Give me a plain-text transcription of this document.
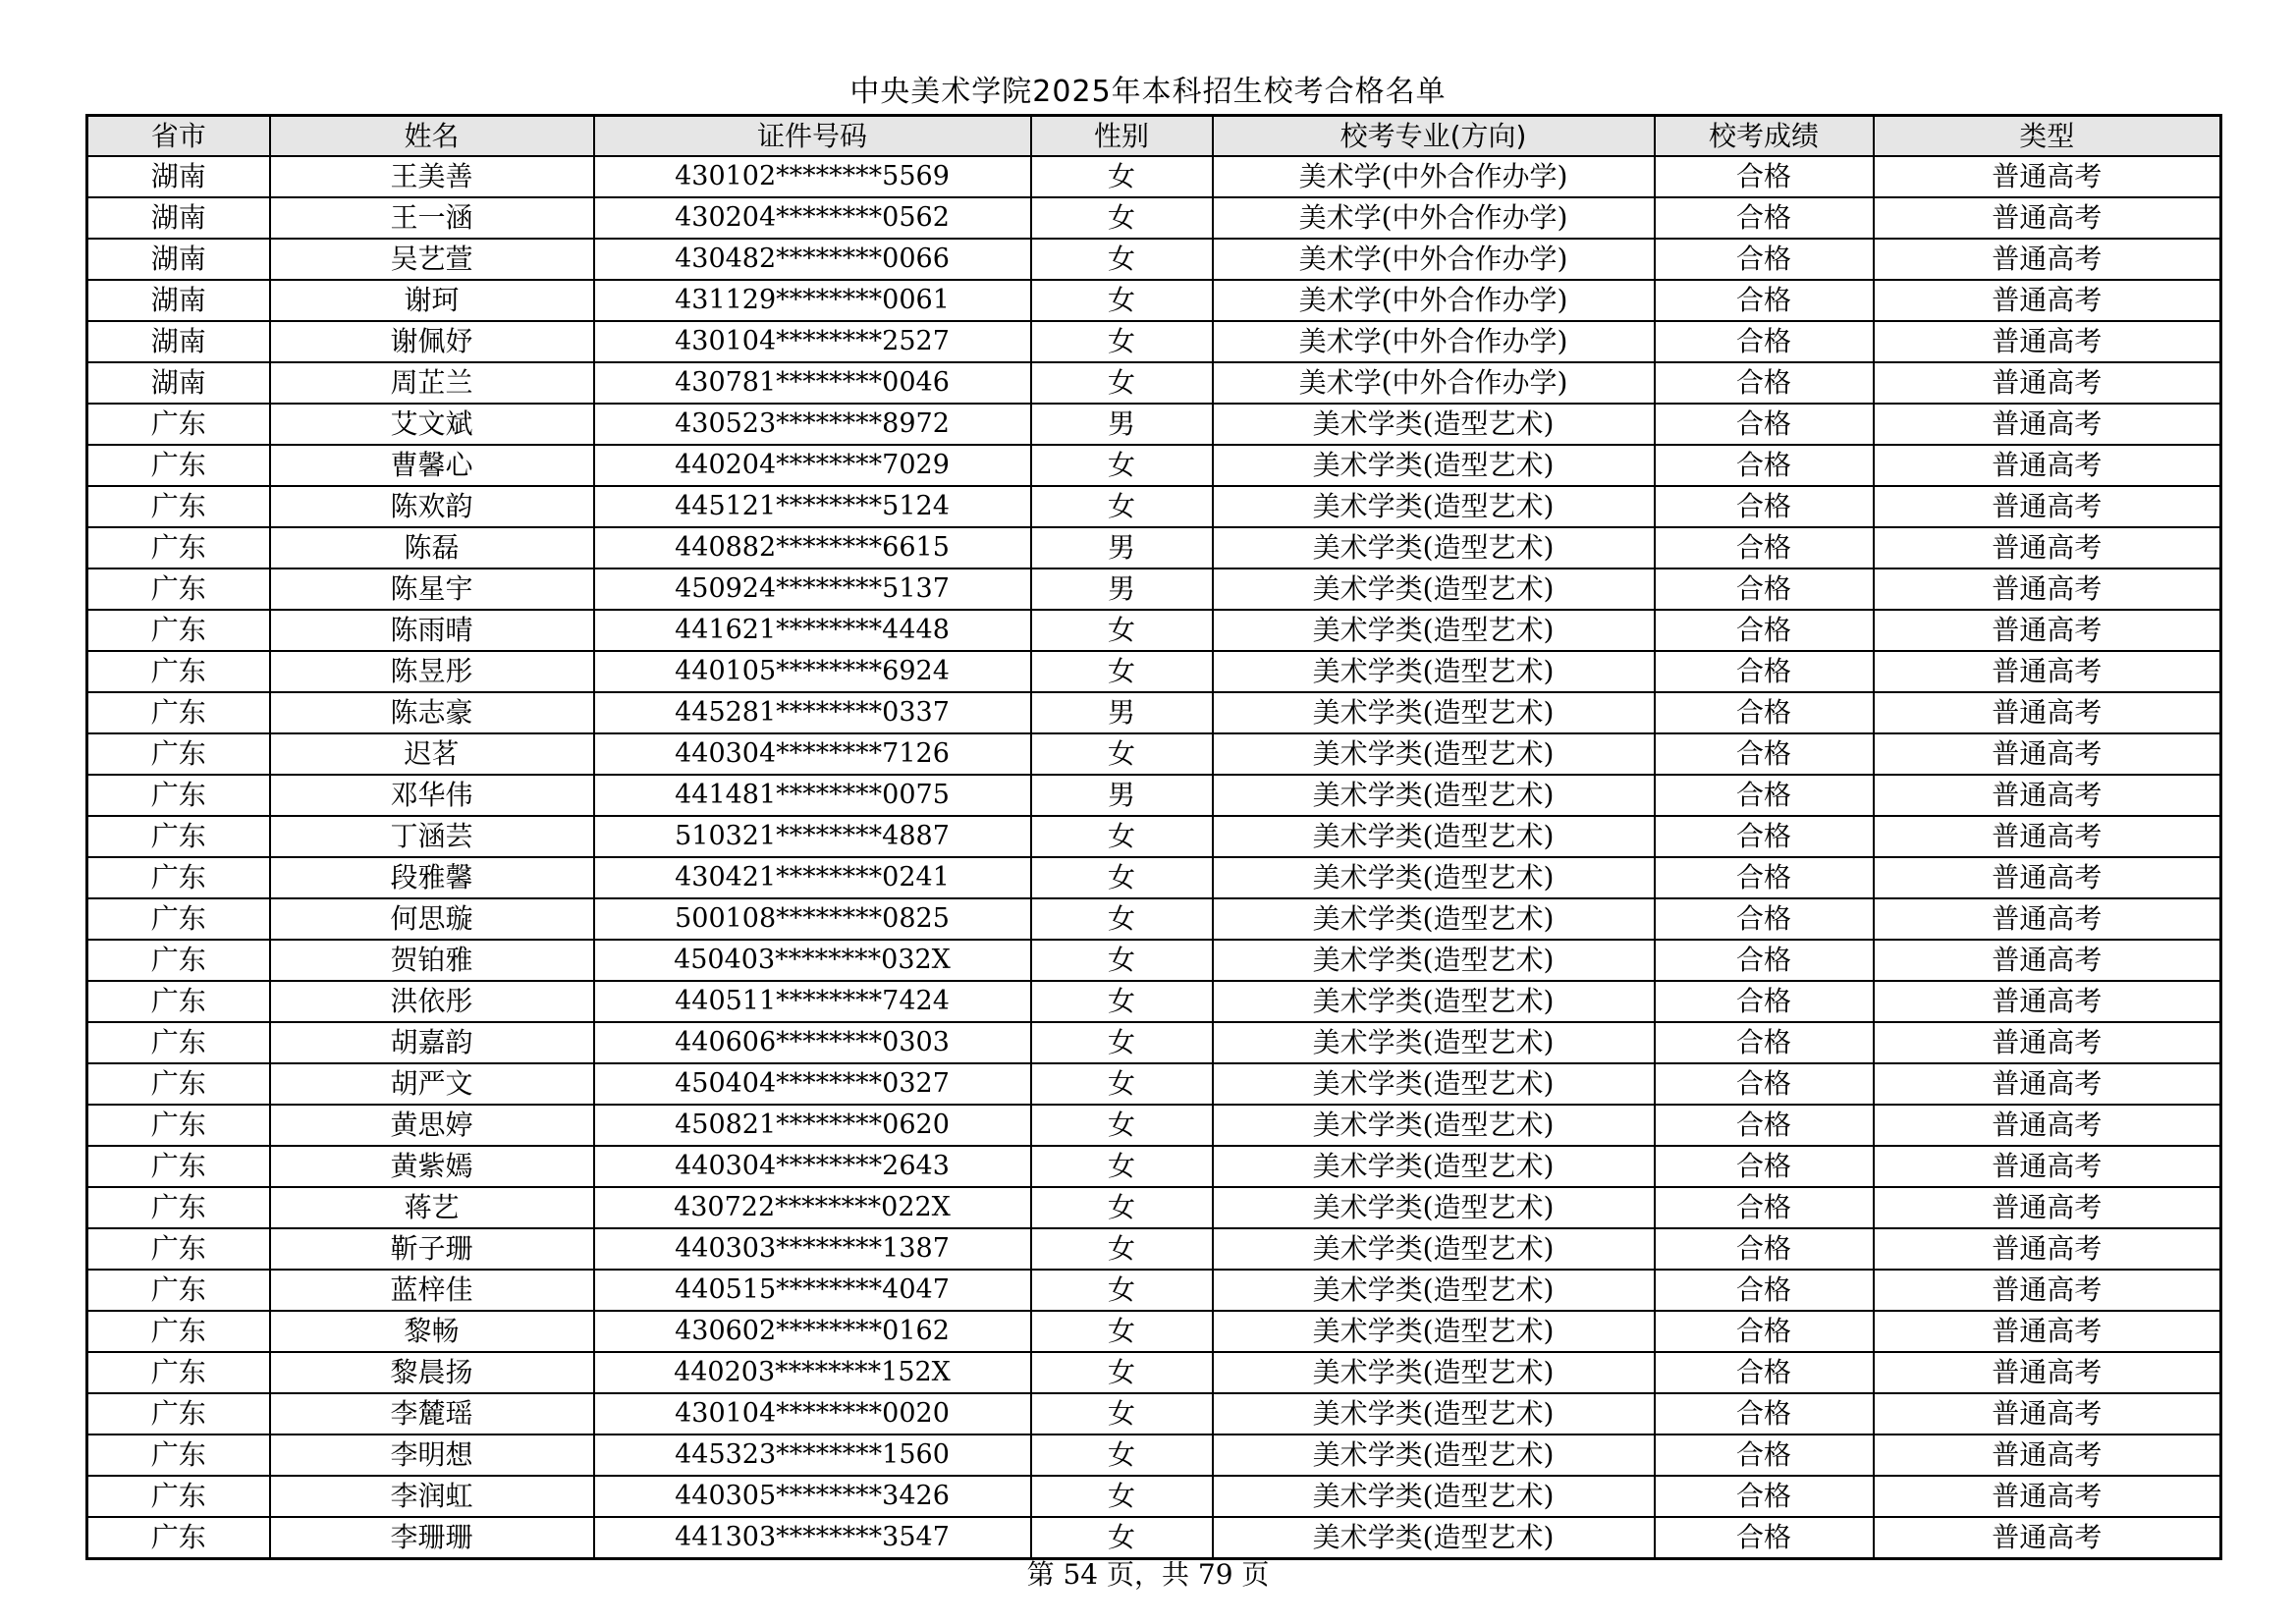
中央美术学院2025年本科招生校考合格名单
省市	姓名	证件号码	性别	校考专业(方向)	校考成绩	类型
湖南	王美善	430102********5569	女	美术学(中外合作办学)	合格	普通高考
湖南	王一涵	430204********0562	女	美术学(中外合作办学)	合格	普通高考
湖南	吴艺萱	430482********0066	女	美术学(中外合作办学)	合格	普通高考
湖南	谢珂	431129********0061	女	美术学(中外合作办学)	合格	普通高考
湖南	谢佩妤	430104********2527	女	美术学(中外合作办学)	合格	普通高考
湖南	周芷兰	430781********0046	女	美术学(中外合作办学)	合格	普通高考
广东	艾文斌	430523********8972	男	美术学类(造型艺术)	合格	普通高考
广东	曹馨心	440204********7029	女	美术学类(造型艺术)	合格	普通高考
广东	陈欢韵	445121********5124	女	美术学类(造型艺术)	合格	普通高考
广东	陈磊	440882********6615	男	美术学类(造型艺术)	合格	普通高考
广东	陈星宇	450924********5137	男	美术学类(造型艺术)	合格	普通高考
广东	陈雨晴	441621********4448	女	美术学类(造型艺术)	合格	普通高考
广东	陈昱彤	440105********6924	女	美术学类(造型艺术)	合格	普通高考
广东	陈志豪	445281********0337	男	美术学类(造型艺术)	合格	普通高考
广东	迟茗	440304********7126	女	美术学类(造型艺术)	合格	普通高考
广东	邓华伟	441481********0075	男	美术学类(造型艺术)	合格	普通高考
广东	丁涵芸	510321********4887	女	美术学类(造型艺术)	合格	普通高考
广东	段雅馨	430421********0241	女	美术学类(造型艺术)	合格	普通高考
广东	何思璇	500108********0825	女	美术学类(造型艺术)	合格	普通高考
广东	贺铂雅	450403********032X	女	美术学类(造型艺术)	合格	普通高考
广东	洪依彤	440511********7424	女	美术学类(造型艺术)	合格	普通高考
广东	胡嘉韵	440606********0303	女	美术学类(造型艺术)	合格	普通高考
广东	胡严文	450404********0327	女	美术学类(造型艺术)	合格	普通高考
广东	黄思婷	450821********0620	女	美术学类(造型艺术)	合格	普通高考
广东	黄紫嫣	440304********2643	女	美术学类(造型艺术)	合格	普通高考
广东	蒋艺	430722********022X	女	美术学类(造型艺术)	合格	普通高考
广东	靳子珊	440303********1387	女	美术学类(造型艺术)	合格	普通高考
广东	蓝梓佳	440515********4047	女	美术学类(造型艺术)	合格	普通高考
广东	黎畅	430602********0162	女	美术学类(造型艺术)	合格	普通高考
广东	黎晨扬	440203********152X	女	美术学类(造型艺术)	合格	普通高考
广东	李麓瑶	430104********0020	女	美术学类(造型艺术)	合格	普通高考
广东	李明想	445323********1560	女	美术学类(造型艺术)	合格	普通高考
广东	李润虹	440305********3426	女	美术学类(造型艺术)	合格	普通高考
广东	李珊珊	441303********3547	女	美术学类(造型艺术)	合格	普通高考
第 54 页，共 79 页
